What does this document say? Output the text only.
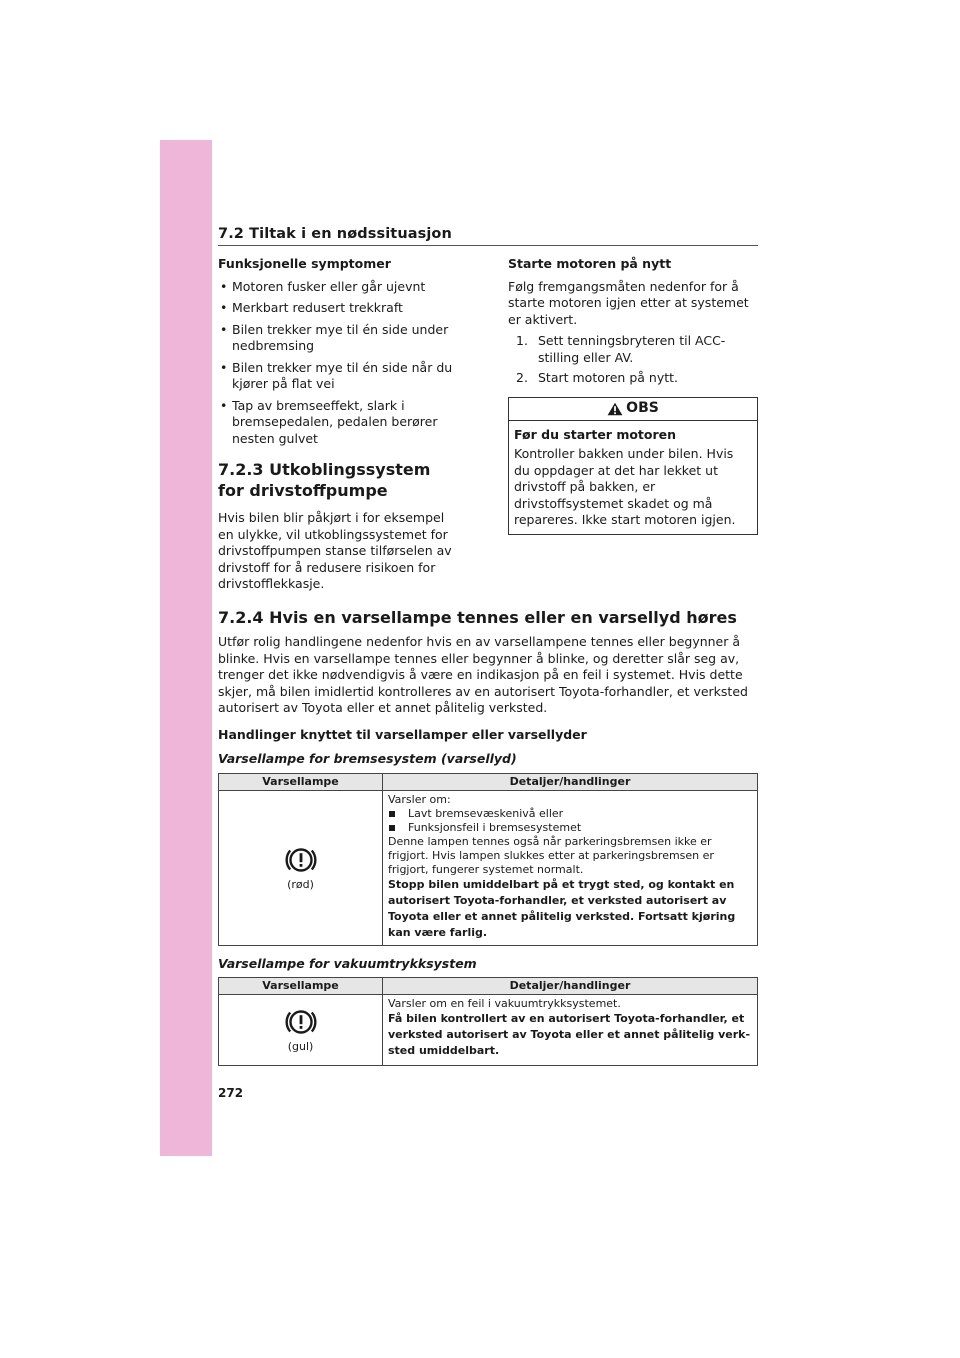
7.2 Tiltak i en nødssituasjon
Funksjonelle symptomer
• Motoren fusker eller går ujevnt
• Merkbart redusert trekkraft
• Bilen trekker mye til én side under nedbremsing
• Bilen trekker mye til én side når du kjører på flat vei
• Tap av bremseeffekt, slark i bremsepedalen, pedalen berører nesten gulvet
7.2.3 Utkoblingssystem for drivstoffpumpe

Hvis bilen blir påkjørt i for eksempel en ulykke, vil utkoblingssystemet for drivstoffpumpen stanse tilførselen av drivstoff for å redusere risikoen for drivstofflekkasje.

Starte motoren på nytt

Følg fremgangsmåten nedenfor for å starte motoren igjen etter at systemet er aktivert.

1. Sett tenningsbryteren til ACC-stilling eller AV.
2. Start motoren på nytt.
OBS
Før du starter motoren
Kontroller bakken under bilen. Hvis du oppdager at det har lekket ut drivstoff på bakken, er drivstoffsystemet skadet og må repareres. Ikke start motoren igjen.
7.2.4 Hvis en varsellampe tennes eller en varsellyd høres

Utfør rolig handlingene nedenfor hvis en av varsellampene tennes eller begynner å blinke. Hvis en varsellampe tennes eller begynner å blinke, og deretter slår seg av, trenger det ikke nødvendigvis å være en indikasjon på en feil i systemet. Hvis dette skjer, må bilen imidlertid kontrolleres av en autorisert Toyota-forhandler, et verksted autorisert av Toyota eller et annet pålitelig verksted.

Handlinger knyttet til varsellamper eller varsellyder
Varsellampe for bremsesystem (varsellyd)
Varsellampe	Detaljer/handlinger

(rød)	Varsler om:
Lavt bremsevæskenivå eller
Funksjonsfeil i bremsesystemet
Denne lampen tennes også når parkeringsbremsen ikke er frigjort. Hvis lampen slukkes etter at parkeringsbremsen er frigjort, fungerer systemet normalt.
Stopp bilen umiddelbart på et trygt sted, og kontakt en autorisert Toyota-forhandler, et verksted autorisert av Toyota eller et annet pålitelig verksted. Fortsatt kjøring kan være farlig.
Varsellampe for vakuumtrykksystem
Varsellampe	Detaljer/handlinger

(gul)	Varsler om en feil i vakuumtrykksystemet.
Få bilen kontrollert av en autorisert Toyota-forhandler, et verksted autorisert av Toyota eller et annet pålitelig verk-sted umiddelbart.
272
